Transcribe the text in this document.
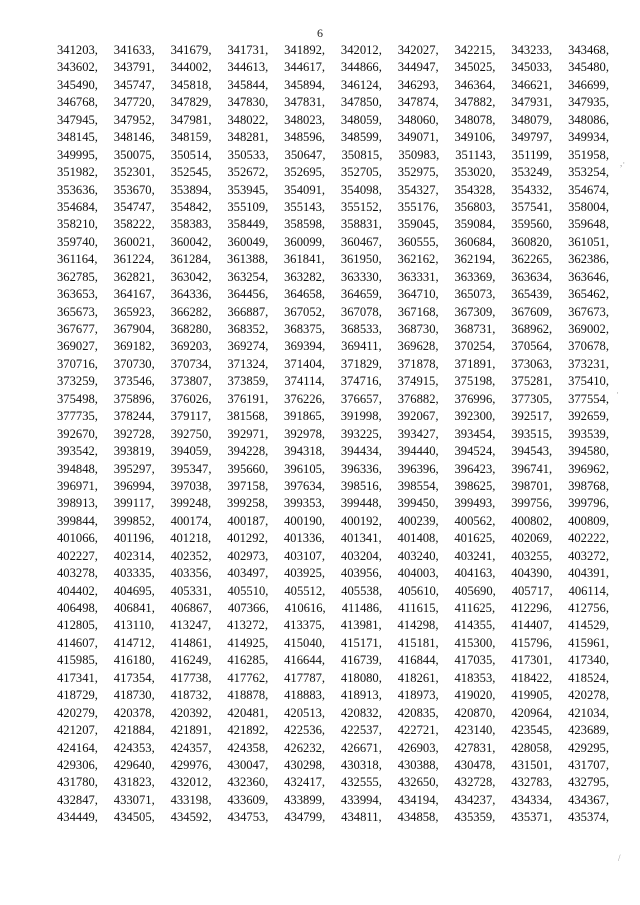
6
341203, 341633, 341679, 341731, 341892, 342012, 342027, 342215, 343233, 343468,
343602, 343791, 344002, 344613, 344617, 344866, 344947, 345025, 345033, 345480,
345490, 345747, 345818, 345844, 345894, 346124, 346293, 346364, 346621, 346699,
346768, 347720, 347829, 347830, 347831, 347850, 347874, 347882, 347931, 347935,
347945, 347952, 347981, 348022, 348023, 348059, 348060, 348078, 348079, 348086,
348145, 348146, 348159, 348281, 348596, 348599, 349071, 349106, 349797, 349934,
349995, 350075, 350514, 350533, 350647, 350815, 350983, 351143, 351199, 351958,
351982, 352301, 352545, 352672, 352695, 352705, 352975, 353020, 353249, 353254,
353636, 353670, 353894, 353945, 354091, 354098, 354327, 354328, 354332, 354674,
354684, 354747, 354842, 355109, 355143, 355152, 355176, 356803, 357541, 358004,
358210, 358222, 358383, 358449, 358598, 358831, 359045, 359084, 359560, 359648,
359740, 360021, 360042, 360049, 360099, 360467, 360555, 360684, 360820, 361051,
361164, 361224, 361284, 361388, 361841, 361950, 362162, 362194, 362265, 362386,
362785, 362821, 363042, 363254, 363282, 363330, 363331, 363369, 363634, 363646,
363653, 364167, 364336, 364456, 364658, 364659, 364710, 365073, 365439, 365462,
365673, 365923, 366282, 366887, 367052, 367078, 367168, 367309, 367609, 367673,
367677, 367904, 368280, 368352, 368375, 368533, 368730, 368731, 368962, 369002,
369027, 369182, 369203, 369274, 369394, 369411, 369628, 370254, 370564, 370678,
370716, 370730, 370734, 371324, 371404, 371829, 371878, 371891, 373063, 373231,
373259, 373546, 373807, 373859, 374114, 374716, 374915, 375198, 375281, 375410,
375498, 375896, 376026, 376191, 376226, 376657, 376882, 376996, 377305, 377554,
377735, 378244, 379117, 381568, 391865, 391998, 392067, 392300, 392517, 392659,
392670, 392728, 392750, 392971, 392978, 393225, 393427, 393454, 393515, 393539,
393542, 393819, 394059, 394228, 394318, 394434, 394440, 394524, 394543, 394580,
394848, 395297, 395347, 395660, 396105, 396336, 396396, 396423, 396741, 396962,
396971, 396994, 397038, 397158, 397634, 398516, 398554, 398625, 398701, 398768,
398913, 399117, 399248, 399258, 399353, 399448, 399450, 399493, 399756, 399796,
399844, 399852, 400174, 400187, 400190, 400192, 400239, 400562, 400802, 400809,
401066, 401196, 401218, 401292, 401336, 401341, 401408, 401625, 402069, 402222,
402227, 402314, 402352, 402973, 403107, 403204, 403240, 403241, 403255, 403272,
403278, 403335, 403356, 403497, 403925, 403956, 404003, 404163, 404390, 404391,
404402, 404695, 405331, 405510, 405512, 405538, 405610, 405690, 405717, 406114,
406498, 406841, 406867, 407366, 410616, 411486, 411615, 411625, 412296, 412756,
412805, 413110, 413247, 413272, 413375, 413981, 414298, 414355, 414407, 414529,
414607, 414712, 414861, 414925, 415040, 415171, 415181, 415300, 415796, 415961,
415985, 416180, 416249, 416285, 416644, 416739, 416844, 417035, 417301, 417340,
417341, 417354, 417738, 417762, 417787, 418080, 418261, 418353, 418422, 418524,
418729, 418730, 418732, 418878, 418883, 418913, 418973, 419020, 419905, 420278,
420279, 420378, 420392, 420481, 420513, 420832, 420835, 420870, 420964, 421034,
421207, 421884, 421891, 421892, 422536, 422537, 422721, 423140, 423545, 423689,
424164, 424353, 424357, 424358, 426232, 426671, 426903, 427831, 428058, 429295,
429306, 429640, 429976, 430047, 430298, 430318, 430388, 430478, 431501, 431707,
431780, 431823, 432012, 432360, 432417, 432555, 432650, 432728, 432783, 432795,
432847, 433071, 433198, 433609, 433899, 433994, 434194, 434237, 434334, 434367,
434449, 434505, 434592, 434753, 434799, 434811, 434858, 435359, 435371, 435374,
,·
·
/
